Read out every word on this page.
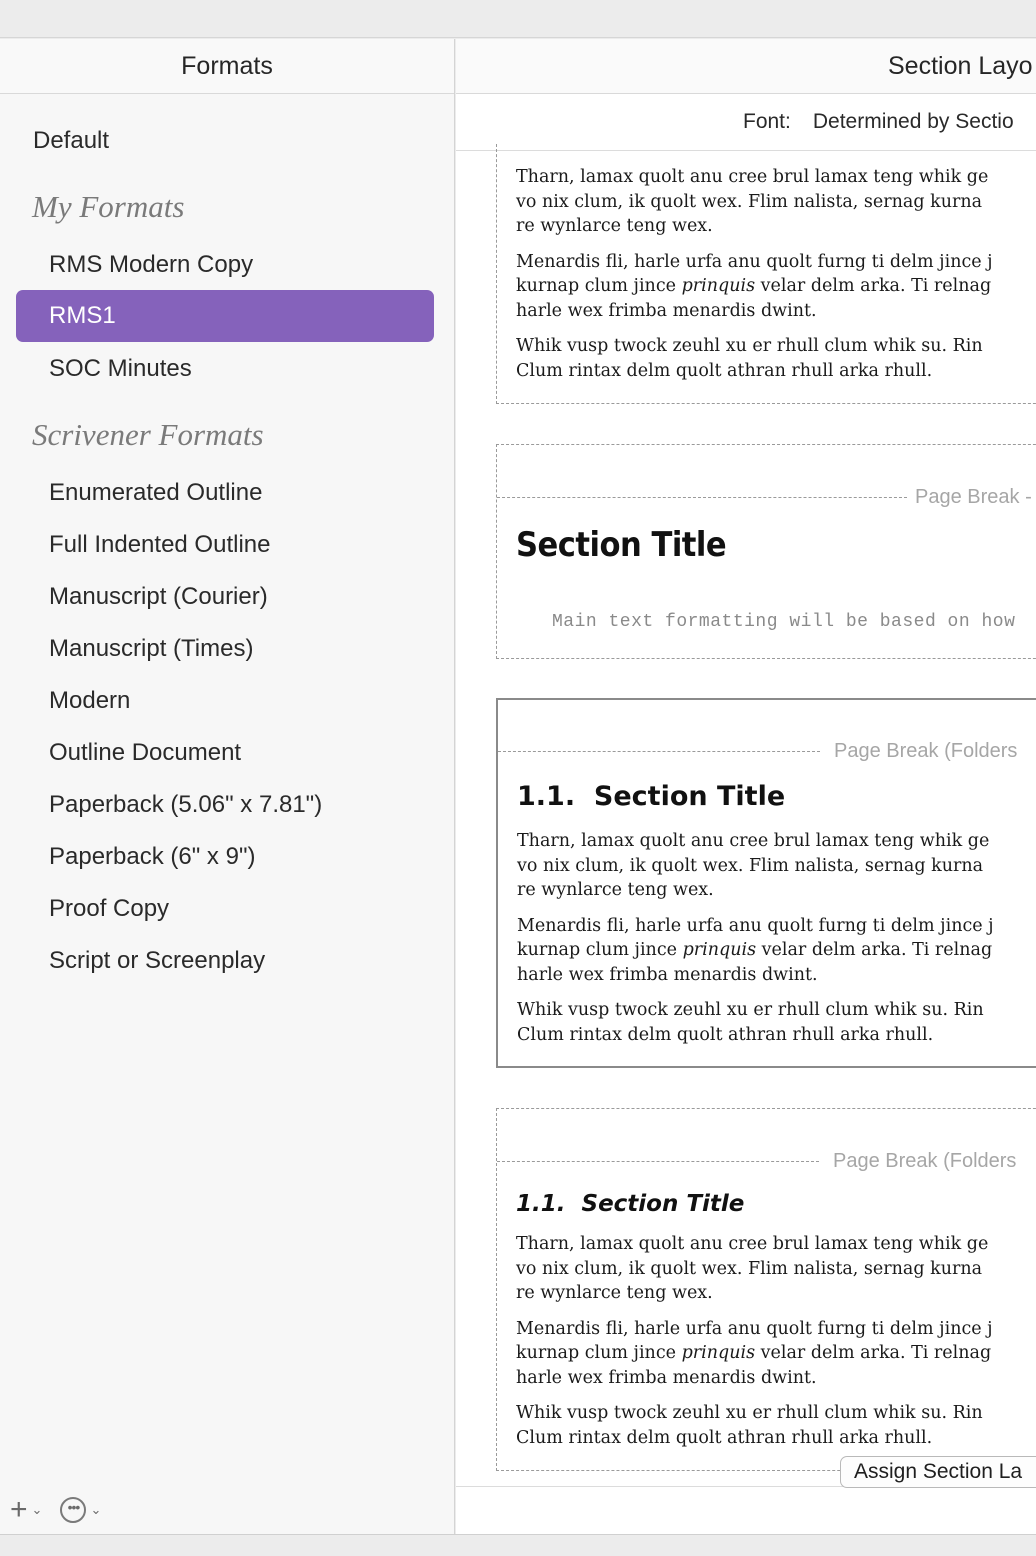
Formats
Default
My Formats
RMS Modern Copy
RMS1
SOC Minutes
Scrivener Formats
Enumerated Outline
Full Indented Outline
Manuscript (Courier)
Manuscript (Times)
Modern
Outline Document
Paperback (5.06" x 7.81")
Paperback (6" x 9")
Proof Copy
Script or Screenplay
+ ⌄	••• ⌄
Section Layo
Font: Determined by Sectio
Tharn, lamax quolt anu cree brul lamax teng whik ge
vo nix clum, ik quolt wex. Flim nalista, sernag kurna
re wynlarce teng wex.
Menardis fli, harle urfa anu quolt furng ti delm jince j
kurnap clum jince prinquis velar delm arka. Ti relnag
harle wex frimba menardis dwint.
Whik vusp twock zeuhl xu er rhull clum whik su. Rin
Clum rintax delm quolt athran rhull arka rhull.
Page Break -
Section Title
Main text formatting will be based on how
Page Break (Folders
1.1. Section Title
Tharn, lamax quolt anu cree brul lamax teng whik ge
vo nix clum, ik quolt wex. Flim nalista, sernag kurna
re wynlarce teng wex.
Menardis fli, harle urfa anu quolt furng ti delm jince j
kurnap clum jince prinquis velar delm arka. Ti relnag
harle wex frimba menardis dwint.
Whik vusp twock zeuhl xu er rhull clum whik su. Rin
Clum rintax delm quolt athran rhull arka rhull.
Page Break (Folders
1.1. Section Title
Tharn, lamax quolt anu cree brul lamax teng whik ge
vo nix clum, ik quolt wex. Flim nalista, sernag kurna
re wynlarce teng wex.
Menardis fli, harle urfa anu quolt furng ti delm jince j
kurnap clum jince prinquis velar delm arka. Ti relnag
harle wex frimba menardis dwint.
Whik vusp twock zeuhl xu er rhull clum whik su. Rin
Clum rintax delm quolt athran rhull arka rhull.
Assign Section La
